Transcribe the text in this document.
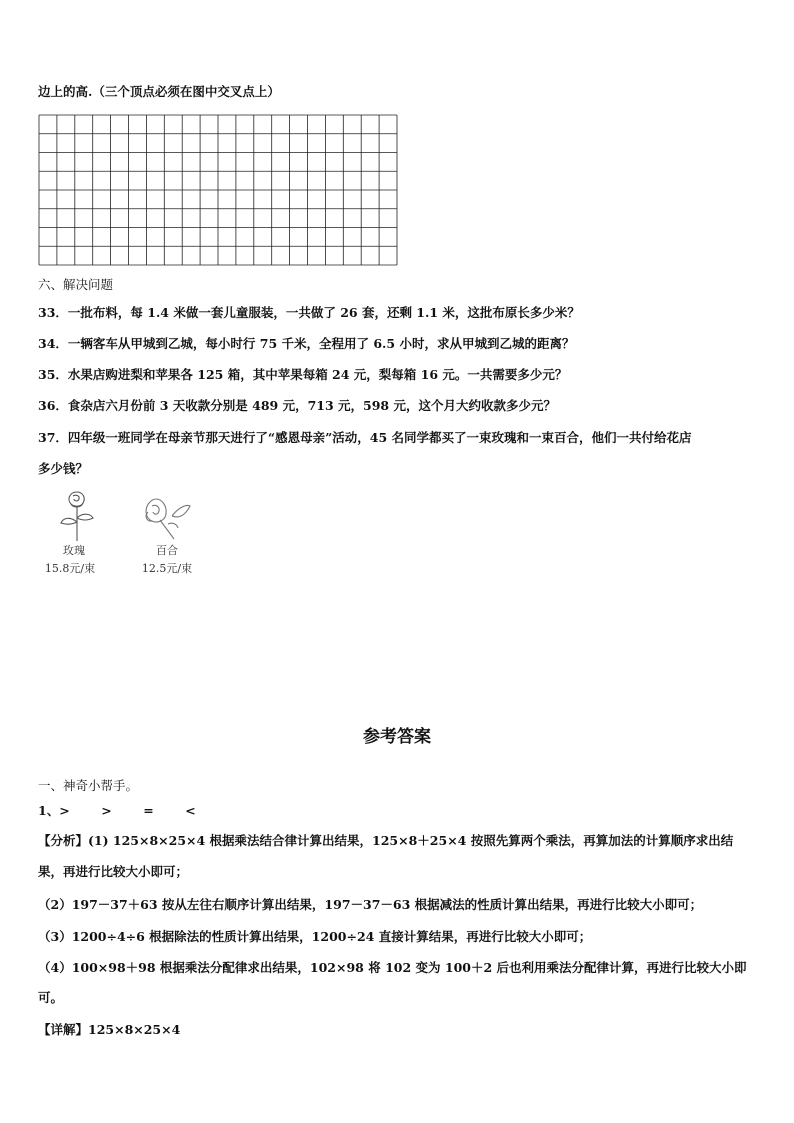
边上的高.（三个顶点必须在图中交叉点上）
六、解决问题
33．一批布料，每 1.4 米做一套儿童服装，一共做了 26 套，还剩 1.1 米，这批布原长多少米？
34．一辆客车从甲城到乙城，每小时行 75 千米，全程用了 6.5 小时，求从甲城到乙城的距离？
35．水果店购进梨和苹果各 125 箱，其中苹果每箱 24 元，梨每箱 16 元。一共需要多少元？
36．食杂店六月份前 3 天收款分别是 489 元，713 元，598 元，这个月大约收款多少元？
37．四年级一班同学在母亲节那天进行了“感恩母亲”活动，45 名同学都买了一束玫瑰和一束百合，他们一共付给花店
多少钱？
玫瑰
15.8元/束
百合
12.5元/束
参考答案
一、神奇小帮手。
1、>	>	=	<
【分析】(1) 125×8×25×4 根据乘法结合律计算出结果，125×8＋25×4 按照先算两个乘法，再算加法的计算顺序求出结
果，再进行比较大小即可；
（2）197－37＋63 按从左往右顺序计算出结果，197－37－63 根据减法的性质计算出结果，再进行比较大小即可；
（3）1200÷4÷6 根据除法的性质计算出结果，1200÷24 直接计算结果，再进行比较大小即可；
（4）100×98＋98 根据乘法分配律求出结果，102×98 将 102 变为 100＋2 后也利用乘法分配律计算，再进行比较大小即
可。
【详解】125×8×25×4
